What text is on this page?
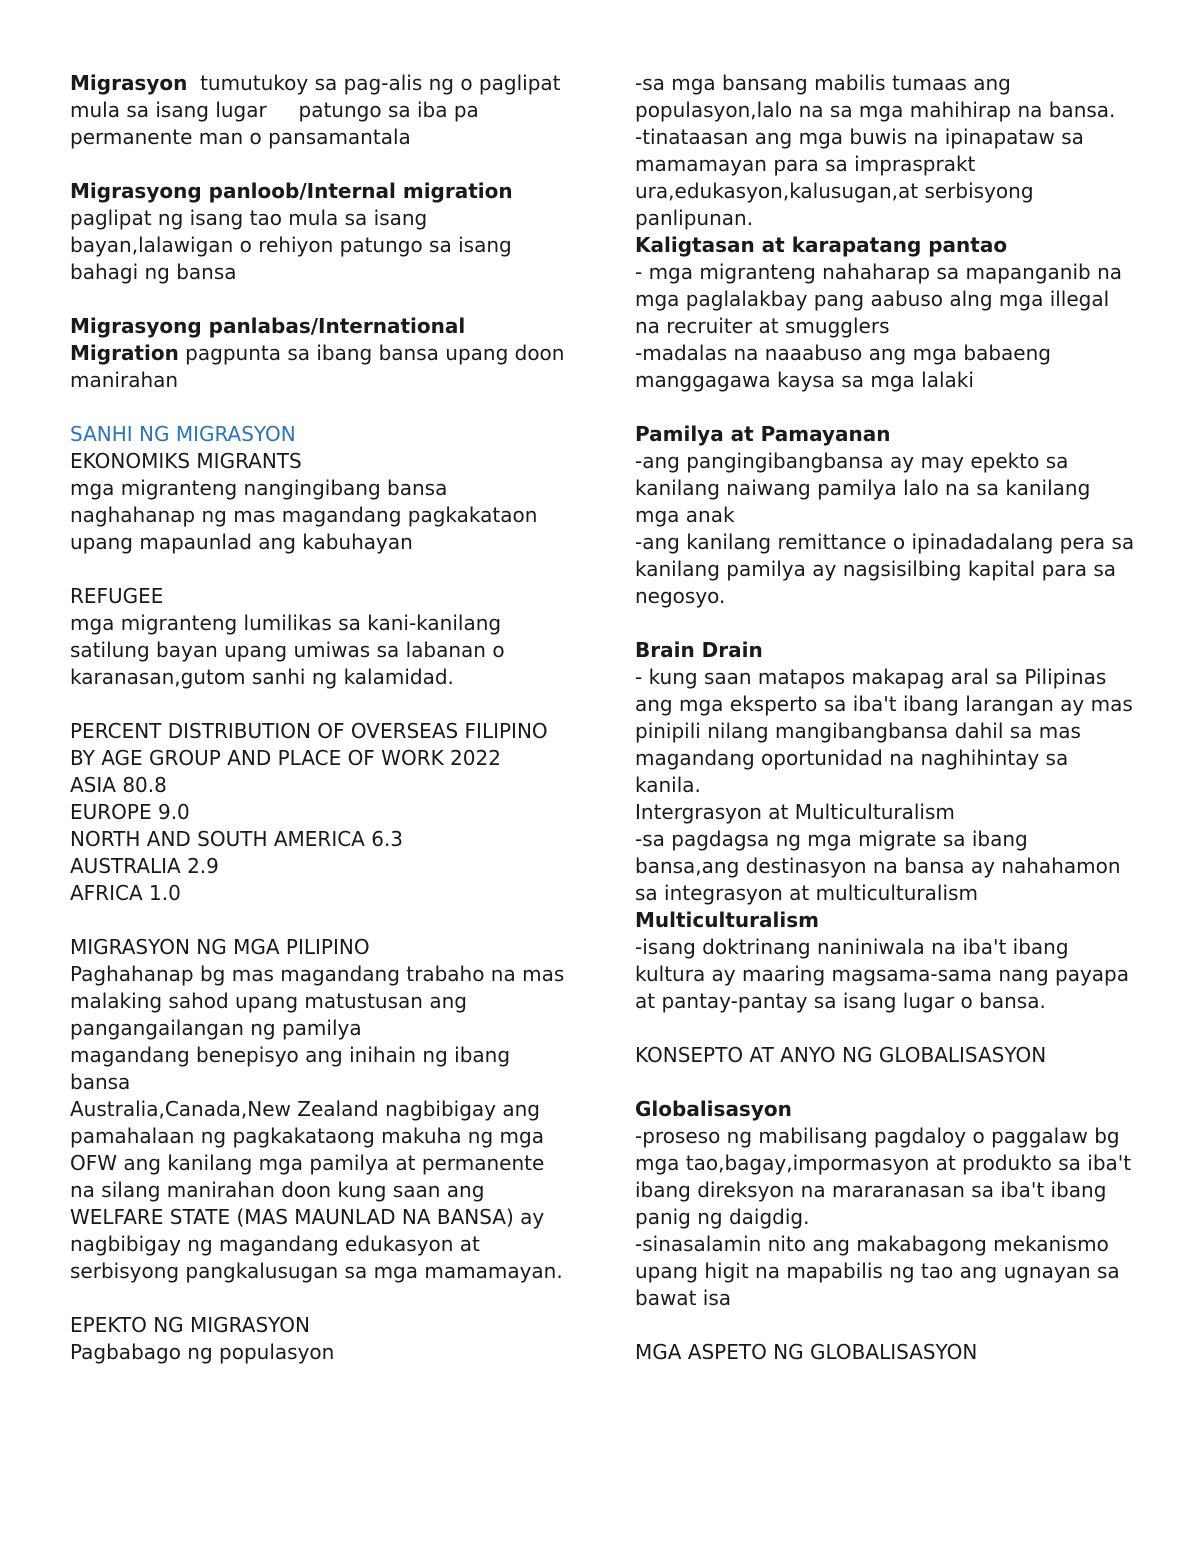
Migrasyon  tumutukoy sa pag-alis ng o paglipat mula sa isang lugar     patungo sa iba pa permanente man o pansamantala

Migrasyong panloob/Internal migration

paglipat ng isang tao mula sa isang bayan,lalawigan o rehiyon patungo sa isang bahagi ng bansa

Migrasyong panlabas/International Migration pagpunta sa ibang bansa upang doon manirahan

SANHI NG MIGRASYON

EKONOMIKS MIGRANTS

mga migranteng nangingibang bansa naghahanap ng mas magandang pagkakataon upang mapaunlad ang kabuhayan

REFUGEE

mga migranteng lumilikas sa kani-kanilang satilung bayan upang umiwas sa labanan o karanasan,gutom sanhi ng kalamidad.

PERCENT DISTRIBUTION OF OVERSEAS FILIPINO BY AGE GROUP AND PLACE OF WORK 2022

ASIA 80.8

EUROPE 9.0

NORTH AND SOUTH AMERICA 6.3

AUSTRALIA 2.9

AFRICA 1.0

MIGRASYON NG MGA PILIPINO

Paghahanap bg mas magandang trabaho na mas malaking sahod upang matustusan ang pangangailangan ng pamilya

magandang benepisyo ang inihain ng ibang bansa

Australia,Canada,New Zealand nagbibigay ang pamahalaan ng pagkakataong makuha ng mga OFW ang kanilang mga pamilya at permanente na silang manirahan doon kung saan ang WELFARE STATE (MAS MAUNLAD NA BANSA) ay nagbibigay ng magandang edukasyon at serbisyong pangkalusugan sa mga mamamayan.

EPEKTO NG MIGRASYON

Pagbabago ng populasyon

-sa mga bansang mabilis tumaas ang populasyon,lalo na sa mga mahihirap na bansa.

-tinataasan ang mga buwis na ipinapataw sa mamamayan para sa imprasprakt ura,edukasyon,kalusugan,at serbisyong panlipunan.

Kaligtasan at karapatang pantao

- mga migranteng nahaharap sa mapanganib na mga paglalakbay pang aabuso alng mga illegal na recruiter at smugglers

-madalas na naaabuso ang mga babaeng manggagawa kaysa sa mga lalaki

Pamilya at Pamayanan

-ang pangingibangbansa ay may epekto sa kanilang naiwang pamilya lalo na sa kanilang mga anak

-ang kanilang remittance o ipinadadalang pera sa kanilang pamilya ay nagsisilbing kapital para sa negosyo.

Brain Drain

- kung saan matapos makapag aral sa Pilipinas ang mga eksperto sa iba't ibang larangan ay mas pinipili nilang mangibangbansa dahil sa mas magandang oportunidad na naghihintay sa kanila.

Intergrasyon at Multiculturalism

-sa pagdagsa ng mga migrate sa ibang bansa,ang destinasyon na bansa ay nahahamon sa integrasyon at multiculturalism

Multiculturalism

-isang doktrinang naniniwala na iba't ibang kultura ay maaring magsama-sama nang payapa at pantay-pantay sa isang lugar o bansa.

KONSEPTO AT ANYO NG GLOBALISASYON

Globalisasyon

-proseso ng mabilisang pagdaloy o paggalaw bg mga tao,bagay,impormasyon at produkto sa iba't ibang direksyon na mararanasan sa iba't ibang panig ng daigdig.

-sinasalamin nito ang makabagong mekanismo upang higit na mapabilis ng tao ang ugnayan sa bawat isa

MGA ASPETO NG GLOBALISASYON
